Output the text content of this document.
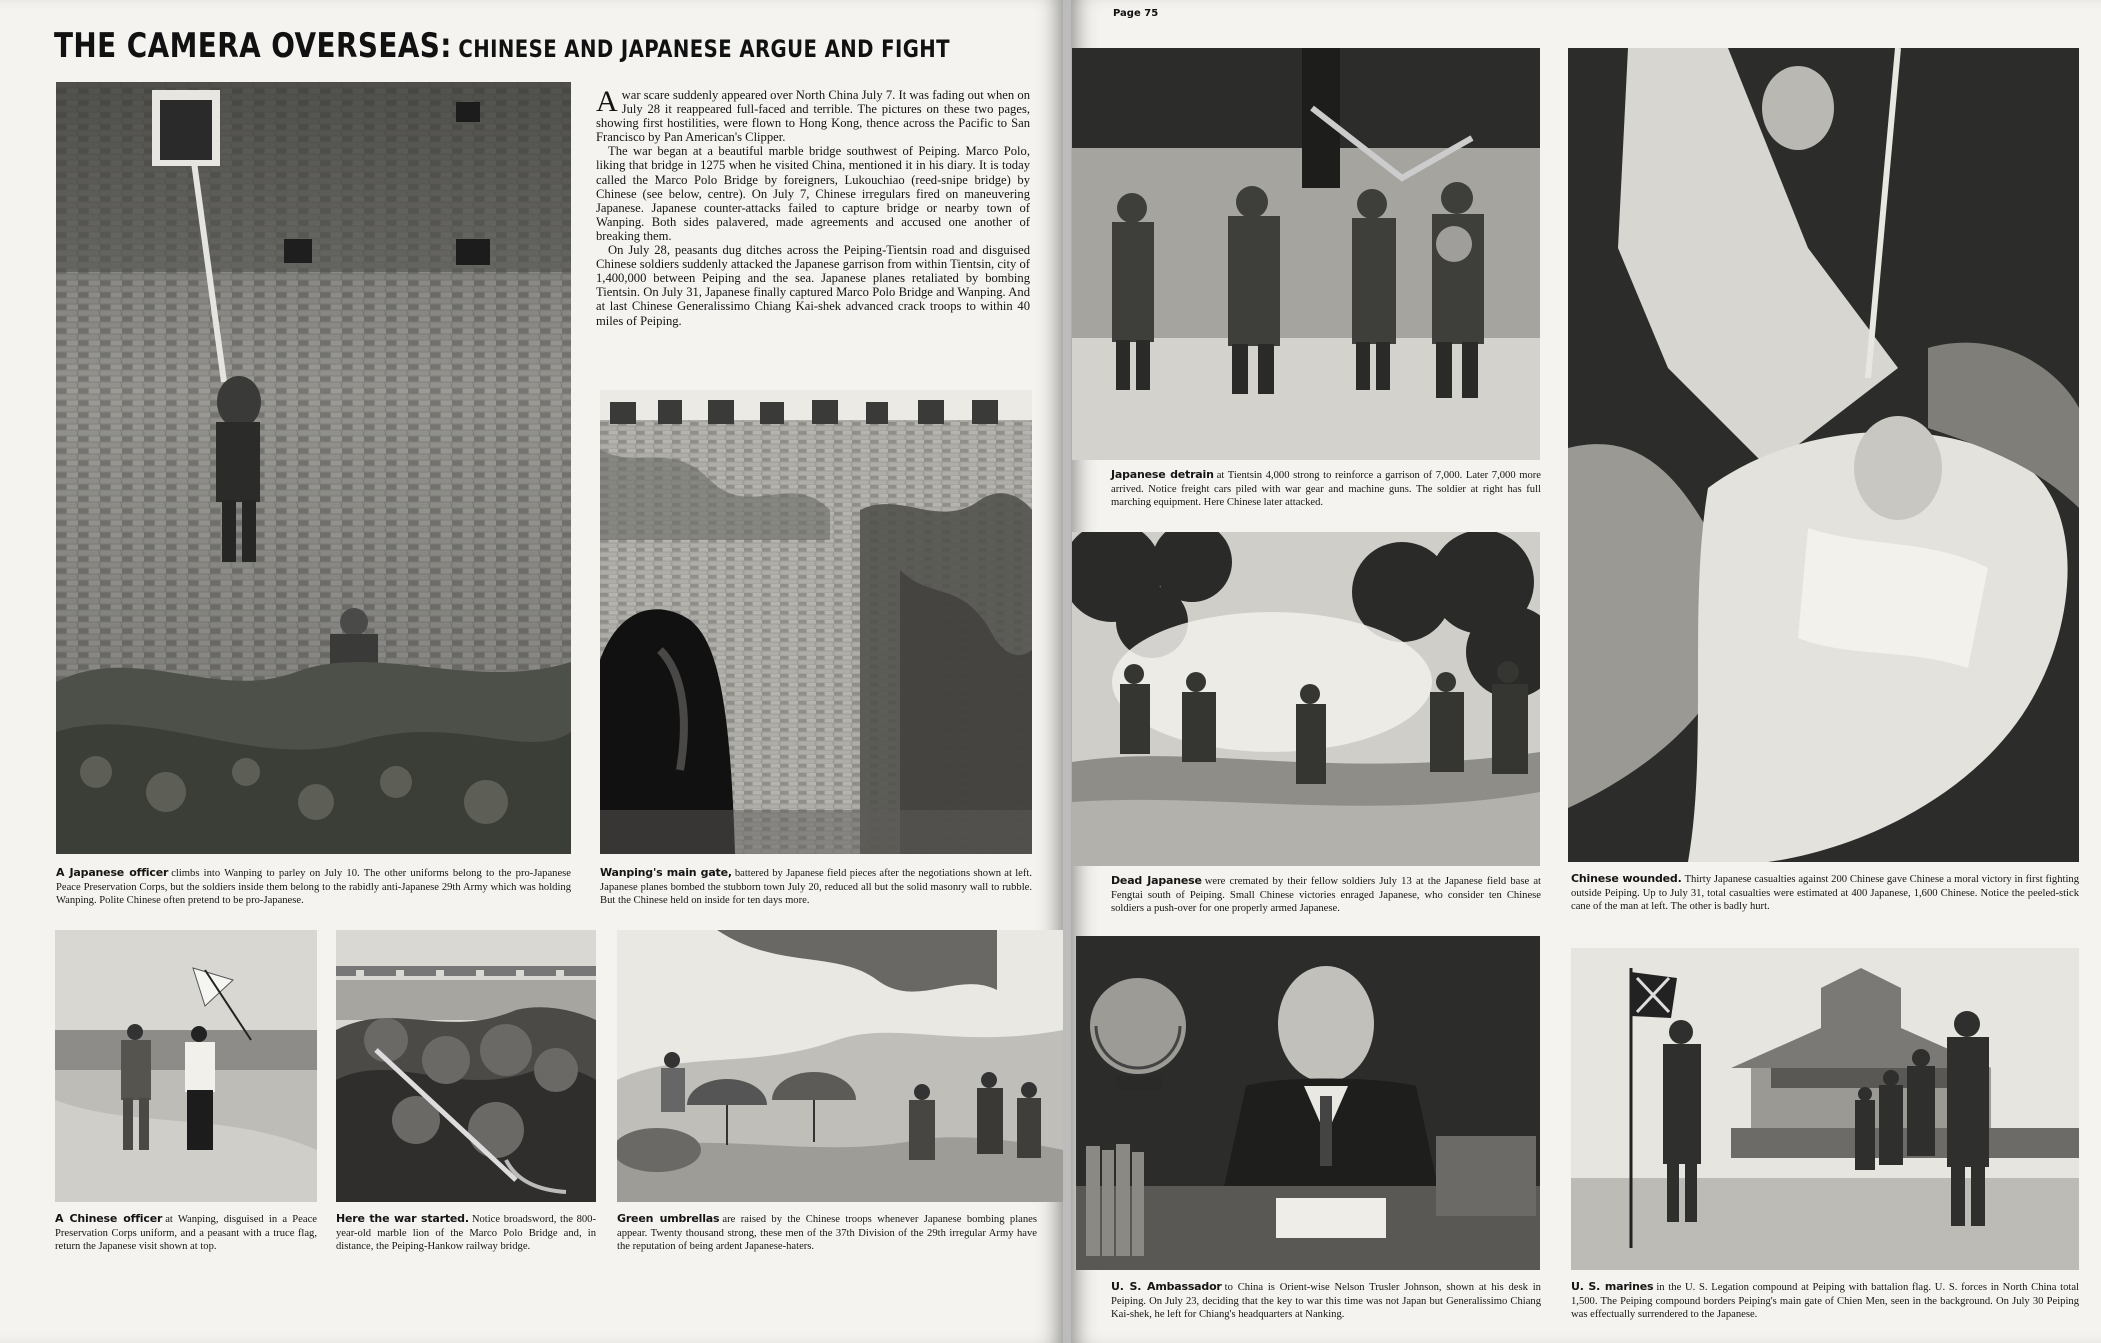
THE CAMERA OVERSEAS: CHINESE AND JAPANESE ARGUE AND FIGHT

Awar scare suddenly appeared over North China July 7. It was fading out when on July 28 it reappeared full-faced and terrible. The pictures on these two pages, showing first hostilities, were flown to Hong Kong, thence across the Pacific to San Francisco by Pan American's Clipper.

The war began at a beautiful marble bridge southwest of Peiping. Marco Polo, liking that bridge in 1275 when he visited China, mentioned it in his diary. It is today called the Marco Polo Bridge by foreigners, Lukouchiao (reed-snipe bridge) by Chinese (see below, centre). On July 7, Chinese irregulars fired on maneuvering Japanese. Japanese counter-attacks failed to capture bridge or nearby town of Wanping. Both sides palavered, made agreements and accused one another of breaking them.

On July 28, peasants dug ditches across the Peiping-Tientsin road and disguised Chinese soldiers suddenly attacked the Japanese garrison from within Tientsin, city of 1,400,000 between Peiping and the sea. Japanese planes retaliated by bombing Tientsin. On July 31, Japanese finally captured Marco Polo Bridge and Wanping. And at last Chinese Generalissimo Chiang Kai-shek advanced crack troops to within 40 miles of Peiping.

A Japanese officer climbs into Wanping to parley on July 10. The other uniforms belong to the pro-Japanese Peace Preservation Corps, but the soldiers inside them belong to the rabidly anti-Japanese 29th Army which was holding Wanping. Polite Chinese often pretend to be pro-Japanese.
Wanping's main gate, battered by Japanese field pieces after the negotiations shown at left. Japanese planes bombed the stubborn town July 20, reduced all but the solid masonry wall to rubble. But the Chinese held on inside for ten days more.
A Chinese officer at Wanping, disguised in a Peace Preservation Corps uniform, and a peasant with a truce flag, return the Japanese visit shown at top.
Here the war started. Notice broadsword, the 800-year-old marble lion of the Marco Polo Bridge and, in distance, the Peiping-Hankow railway bridge.
Green umbrellas are raised by the Chinese troops whenever Japanese bombing planes appear. Twenty thousand strong, these men of the 37th Division of the 29th irregular Army have the reputation of being ardent Japanese-haters.
Page 75
Japanese detrain at Tientsin 4,000 strong to reinforce a garrison of 7,000. Later 7,000 more arrived. Notice freight cars piled with war gear and machine guns. The soldier at right has full marching equipment. Here Chinese later attacked.
Dead Japanese were cremated by their fellow soldiers July 13 at the Japanese field base at Fengtai south of Peiping. Small Chinese victories enraged Japanese, who consider ten Chinese soldiers a push-over for one properly armed Japanese.
Chinese wounded. Thirty Japanese casualties against 200 Chinese gave Chinese a moral victory in first fighting outside Peiping. Up to July 31, total casualties were estimated at 400 Japanese, 1,600 Chinese. Notice the peeled-stick cane of the man at left. The other is badly hurt.
U. S. Ambassador to China is Orient-wise Nelson Trusler Johnson, shown at his desk in Peiping. On July 23, deciding that the key to war this time was not Japan but Generalissimo Chiang Kai-shek, he left for Chiang's headquarters at Nanking.
U. S. marines in the U. S. Legation compound at Peiping with battalion flag. U. S. forces in North China total 1,500. The Peiping compound borders Peiping's main gate of Chien Men, seen in the background. On July 30 Peiping was effectually surrendered to the Japanese.
